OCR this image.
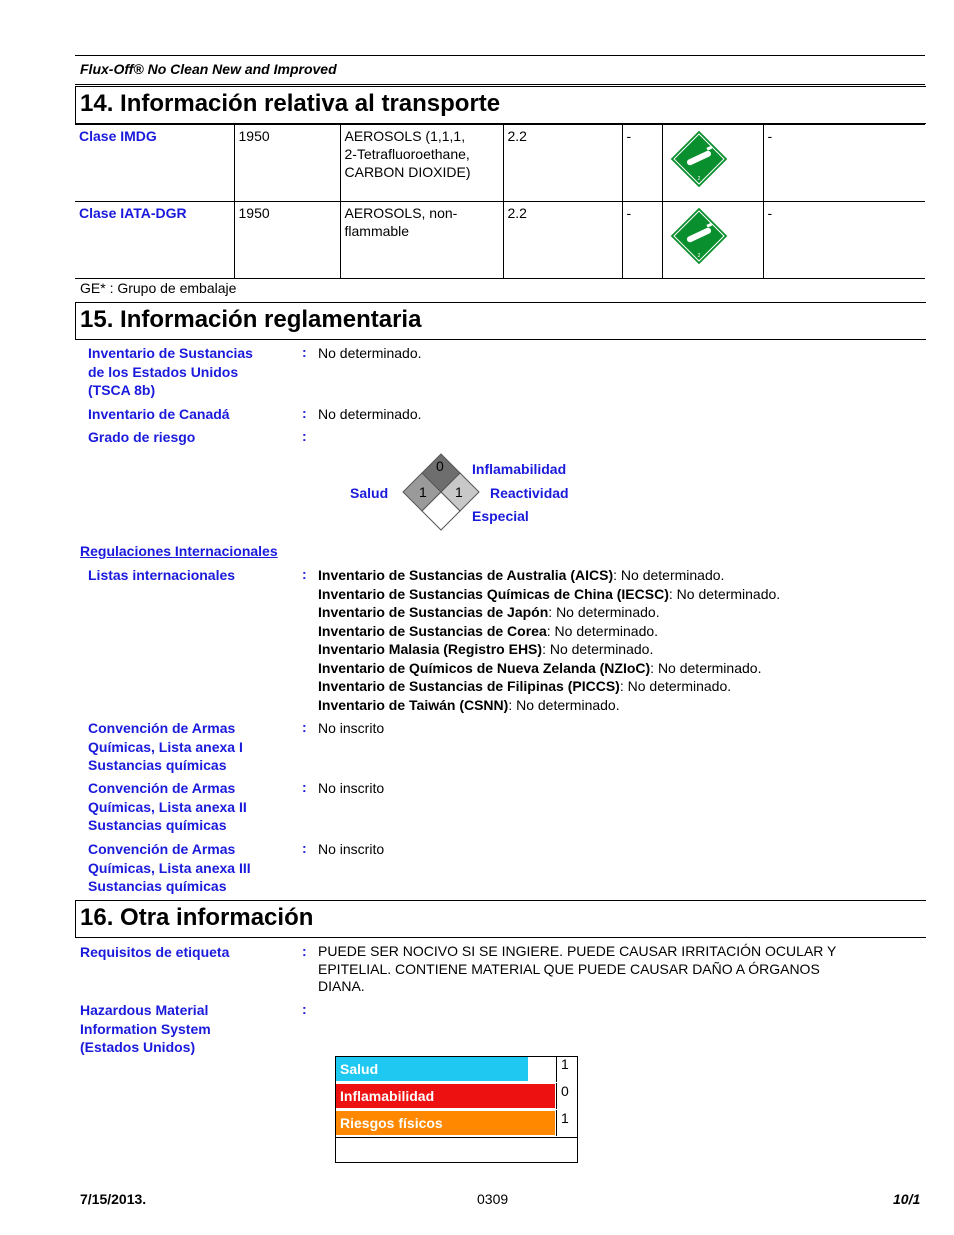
Flux-Off® No Clean New and Improved
14. Información relativa al transporte
Clase IMDG	1950	AEROSOLS (1,1,1,
2-Tetrafluoroethane,
CARBON DIOXIDE)	2.2	-	2	-
Clase IATA-DGR	1950	AEROSOLS, non-
flammable	2.2	-	2	-
GE* : Grupo de embalaje
15. Información reglamentaria
Inventario de Sustancias
de los Estados Unidos
(TSCA 8b)
: No determinado.
Inventario de Canadá	: No determinado.
Grado de riesgo	:
0
1 1
Salud
Inflamabilidad
Reactividad
Especial
Regulaciones Internacionales
Listas internacionales	: Inventario de Sustancias de Australia (AICS): No determinado.
Inventario de Sustancias Químicas de China (IECSC): No determinado.
Inventario de Sustancias de Japón: No determinado.
Inventario de Sustancias de Corea: No determinado.
Inventario Malasia (Registro EHS): No determinado.
Inventario de Químicos de Nueva Zelanda (NZIoC): No determinado.
Inventario de Sustancias de Filipinas (PICCS): No determinado.
Inventario de Taiwán (CSNN): No determinado.
Convención de Armas
Químicas, Lista anexa I
Sustancias químicas
: No inscrito
Convención de Armas
Químicas, Lista anexa II
Sustancias químicas
: No inscrito
Convención de Armas
Químicas, Lista anexa III
Sustancias químicas
: No inscrito
16. Otra información
Requisitos de etiqueta	: PUEDE SER NOCIVO SI SE INGIERE. PUEDE CAUSAR IRRITACIÓN OCULAR Y
EPITELIAL. CONTIENE MATERIAL QUE PUEDE CAUSAR DAÑO A ÓRGANOS
DIANA.
Hazardous Material
Information System
(Estados Unidos)
:
Salud	1
Inflamabilidad	0
Riesgos físicos	1
7/15/2013.	0309	10/1
